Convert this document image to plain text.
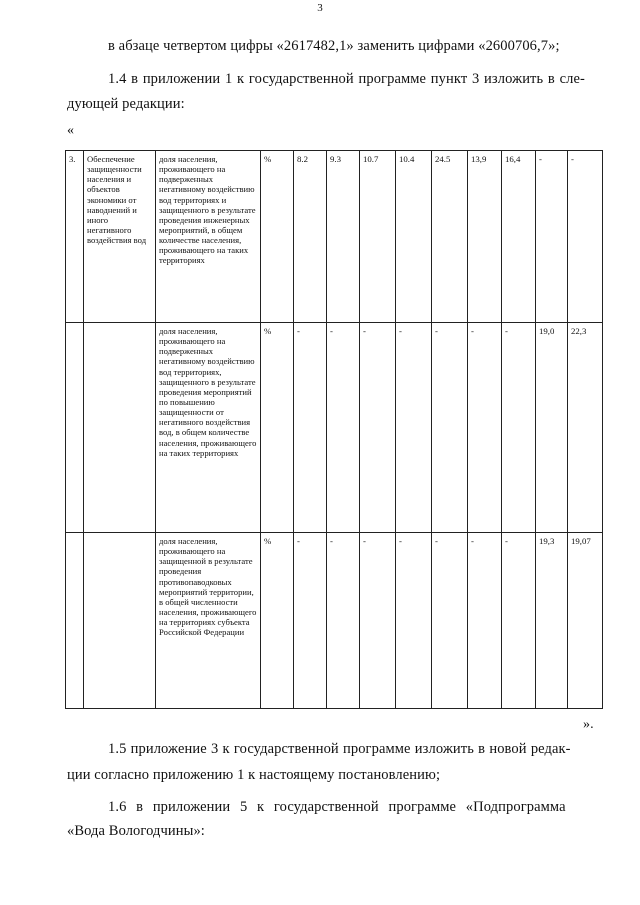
3
в абзаце четвертом цифры «2617482,1» заменить цифрами «2600706,7»;
1.4 в приложении 1 к государственной программе пункт 3 изложить в сле-
дующей редакции:
«
3.	Обеспечение защищенности населения и объектов экономики от наводнений и иного негативного воздействия вод	доля населения, проживающего на подверженных негативному воздействию вод территориях и защищенного в результате проведения инженерных мероприятий, в общем количестве населения, проживающего на таких территориях	%	8.2	9.3	10.7	10.4	24.5	13,9	16,4	-	-
		доля населения, проживающего на подверженных негативному воздействию вод территориях, защищенного в результате проведения мероприятий по повышению защищенности от негативного воздействия вод, в общем количестве населения, проживающего на таких территориях	%	-	-	-	-	-	-	-	19,0	22,3
		доля населения, проживающего на защищенной в результате проведения противопаводковых мероприятий территории, в общей численности населения, проживающего на территориях субъекта Российской Федерации	%	-	-	-	-	-	-	-	19,3	19,07
».
1.5 приложение 3 к государственной программе изложить в новой редак-
ции согласно приложению 1 к настоящему постановлению;
1.6 в приложении 5 к государственной программе «Подпрограмма
«Вода Вологодчины»:
